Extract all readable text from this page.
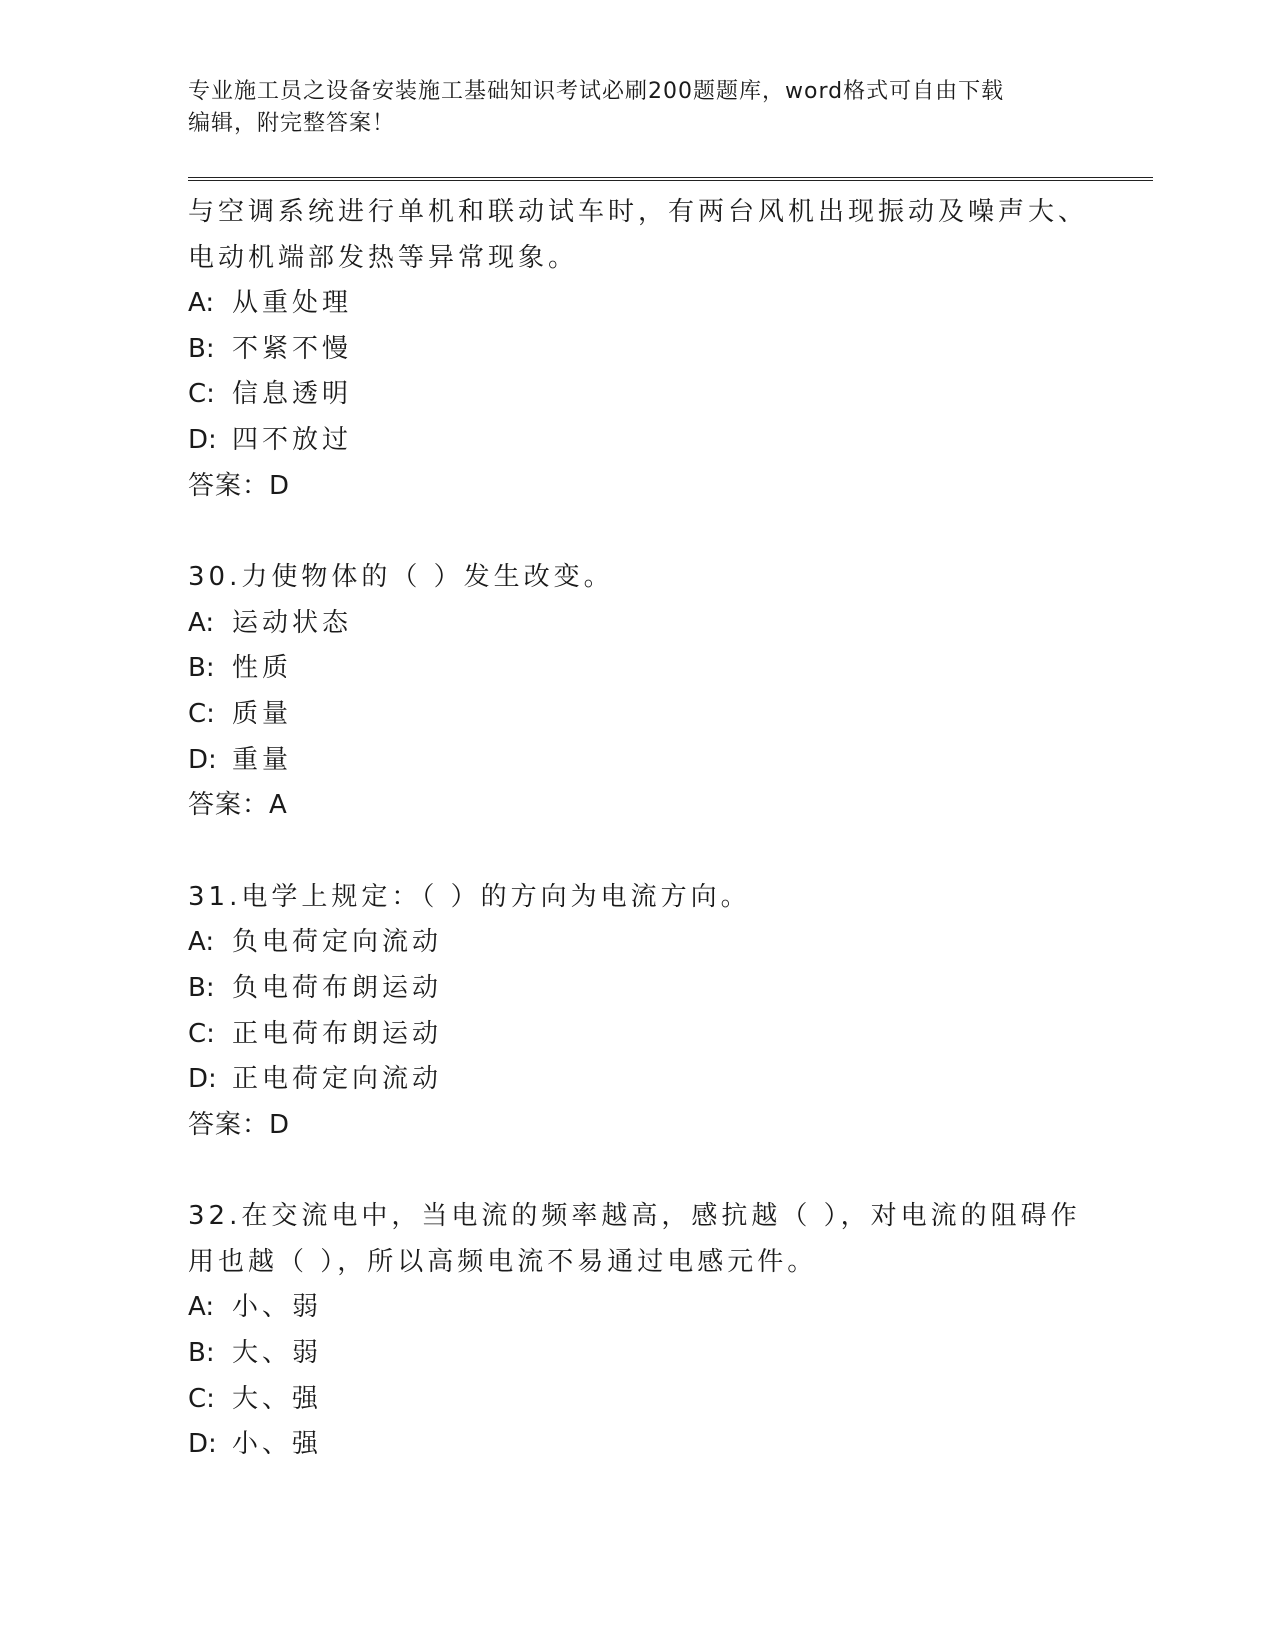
专业施工员之设备安装施工基础知识考试必刷200题题库，word格式可自由下载
编辑，附完整答案！
与空调系统进行单机和联动试车时，有两台风机出现振动及噪声大、
电动机端部发热等异常现象。
A: 从重处理
B: 不紧不慢
C: 信息透明
D: 四不放过
答案：D
30.力使物体的（ ）发生改变。
A: 运动状态
B: 性质
C: 质量
D: 重量
答案：A
31.电学上规定：（ ）的方向为电流方向。
A: 负电荷定向流动
B: 负电荷布朗运动
C: 正电荷布朗运动
D: 正电荷定向流动
答案：D
32.在交流电中，当电流的频率越高，感抗越（ ），对电流的阻碍作
用也越（ ），所以高频电流不易通过电感元件。
A: 小、弱
B: 大、弱
C: 大、强
D: 小、强
